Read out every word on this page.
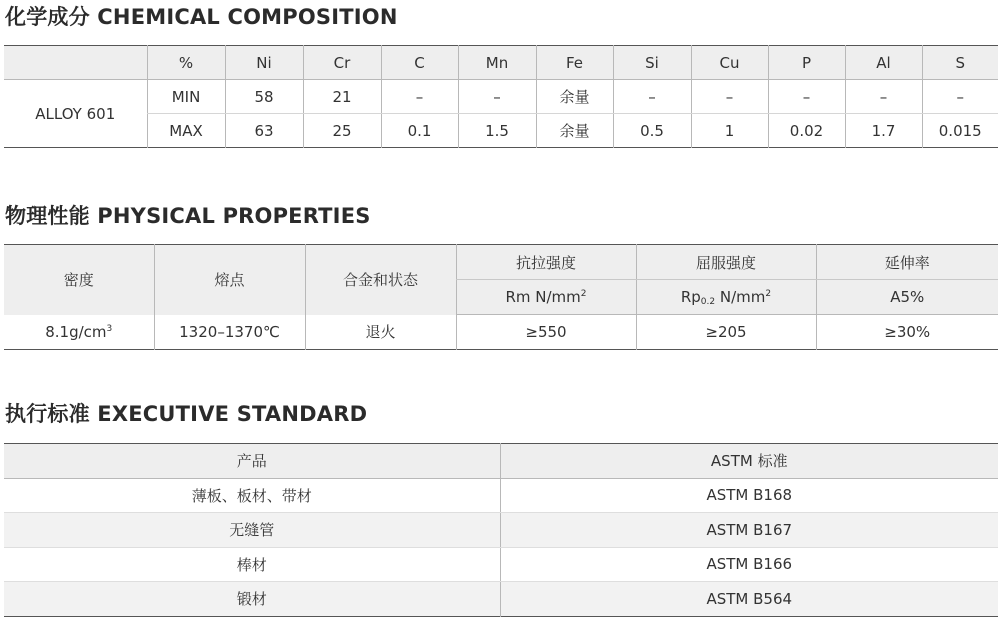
化学成分 CHEMICAL COMPOSITION
	%	Ni	Cr	C	Mn	Fe	Si	Cu	P	Al	S
ALLOY 601	MIN	58	21	–	–	余量	–	–	–	–	–
	MAX	63	25	0.1	1.5	余量	0.5	1	0.02	1.7	0.015
物理性能 PHYSICAL PROPERTIES
密度	熔点	合金和状态	抗拉强度	屈服强度	延伸率
			Rm $N/mm^2$	$Rp_{0.2}$ $N/mm^2$	A5%
$8.1g/cm^3$	1320–1370℃	退火	≥550	≥205	≥30%
执行标准 EXECUTIVE STANDARD
产品	ASTM 标准
薄板、板材、带材	ASTM B168
无缝管	ASTM B167
棒材	ASTM B166
锻材	ASTM B564
